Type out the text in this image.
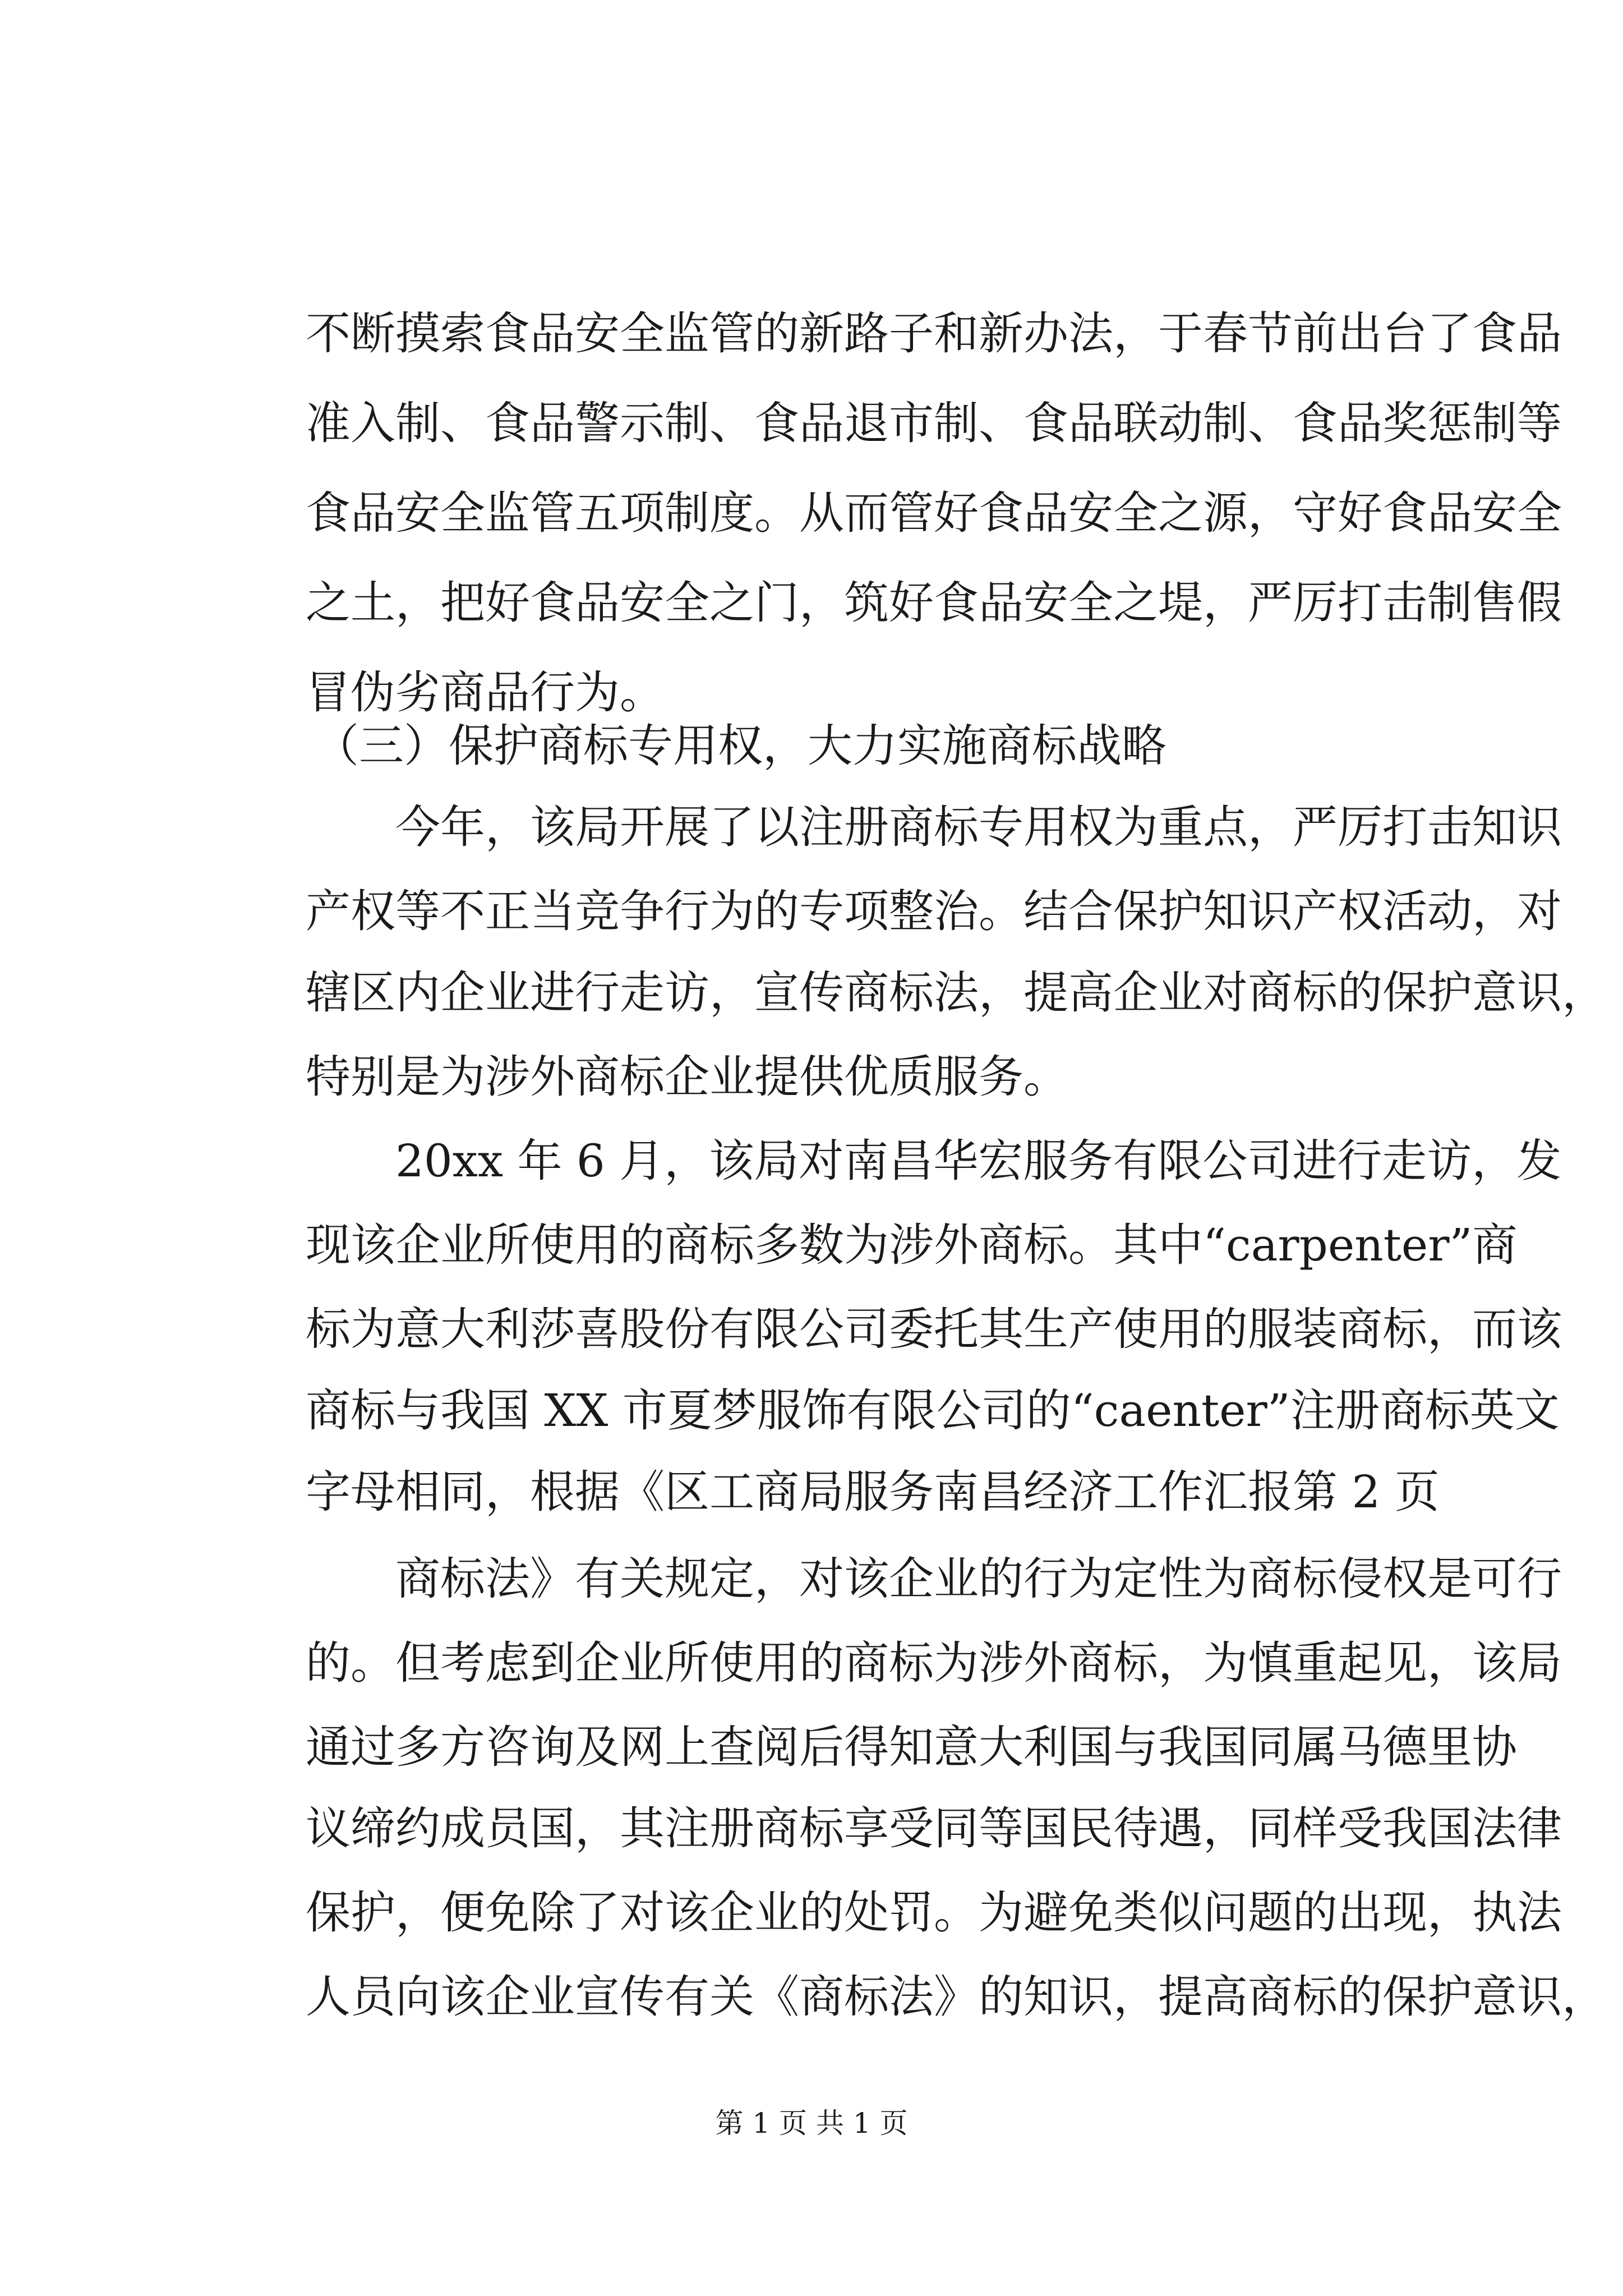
不断摸索食品安全监管的新路子和新办法，于春节前出台了食品
准入制、食品警示制、食品退市制、食品联动制、食品奖惩制等
食品安全监管五项制度。从而管好食品安全之源，守好食品安全
之土，把好食品安全之门，筑好食品安全之堤，严厉打击制售假
冒伪劣商品行为。
（三）保护商标专用权，大力实施商标战略
今年，该局开展了以注册商标专用权为重点，严厉打击知识
产权等不正当竞争行为的专项整治。结合保护知识产权活动，对
辖区内企业进行走访，宣传商标法，提高企业对商标的保护意识，
特别是为涉外商标企业提供优质服务。
20xx 年 6 月，该局对南昌华宏服务有限公司进行走访，发
现该企业所使用的商标多数为涉外商标。其中“carpenter”商
标为意大利莎喜股份有限公司委托其生产使用的服装商标，而该
商标与我国 XX 市夏梦服饰有限公司的“caenter”注册商标英文
字母相同，根据《区工商局服务南昌经济工作汇报第 2 页
商标法》有关规定，对该企业的行为定性为商标侵权是可行
的。但考虑到企业所使用的商标为涉外商标，为慎重起见，该局
通过多方咨询及网上查阅后得知意大利国与我国同属马德里协
议缔约成员国，其注册商标享受同等国民待遇，同样受我国法律
保护，便免除了对该企业的处罚。为避免类似问题的出现，执法
人员向该企业宣传有关《商标法》的知识，提高商标的保护意识，
第 1 页 共 1 页
